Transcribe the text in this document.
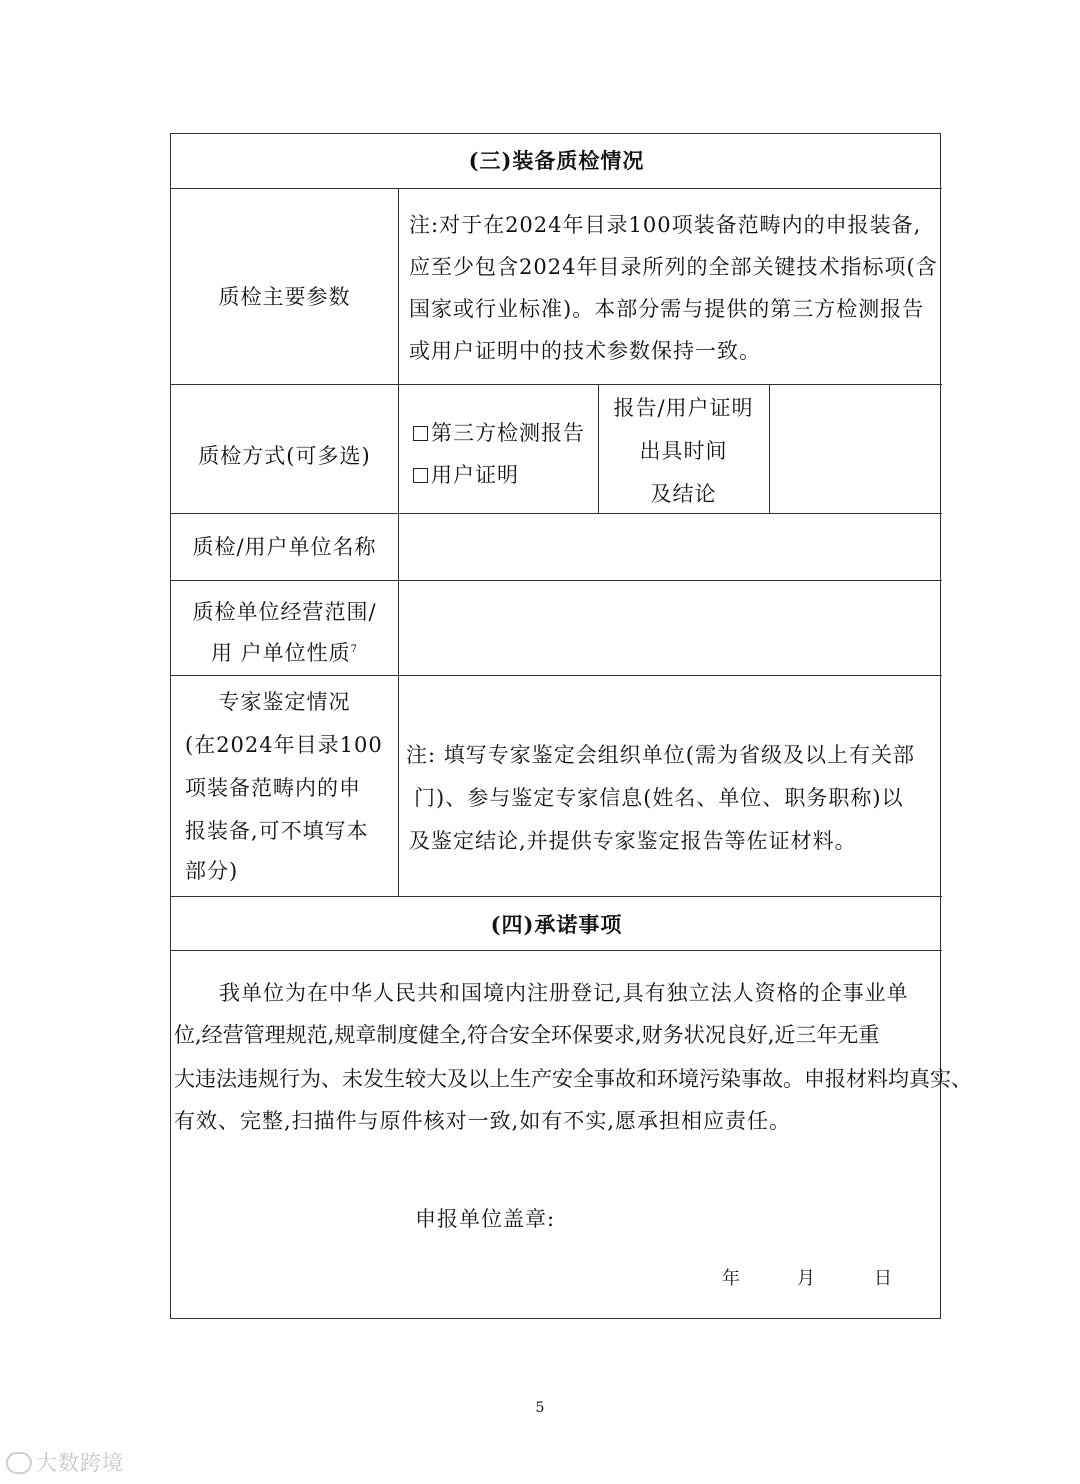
(三)装备质检情况
质检主要参数
注:对于在2024年目录100项装备范畴内的申报装备,
应至少包含2024年目录所列的全部关键技术指标项(含
国家或行业标准)。本部分需与提供的第三方检测报告
或用户证明中的技术参数保持一致。
质检方式(可多选)
第三方检测报告
用户证明
报告/用户证明
出具时间
及结论
质检/用户单位名称
质检单位经营范围/
用 户单位性质$^7$
专家鉴定情况
(在2024年目录100
项装备范畴内的申
报装备,可不填写本
部分)
注: 填写专家鉴定会组织单位(需为省级及以上有关部
门)、参与鉴定专家信息(姓名、单位、职务职称)以
及鉴定结论,并提供专家鉴定报告等佐证材料。
(四)承诺事项
我单位为在中华人民共和国境内注册登记,具有独立法人资格的企事业单
位,经营管理规范,规章制度健全,符合安全环保要求,财务状况良好,近三年无重
大违法违规行为、未发生较大及以上生产安全事故和环境污染事故。申报材料均真实、
有效、完整,扫描件与原件核对一致,如有不实,愿承担相应责任。
申报单位盖章:
年	月	日
5
大数跨境
